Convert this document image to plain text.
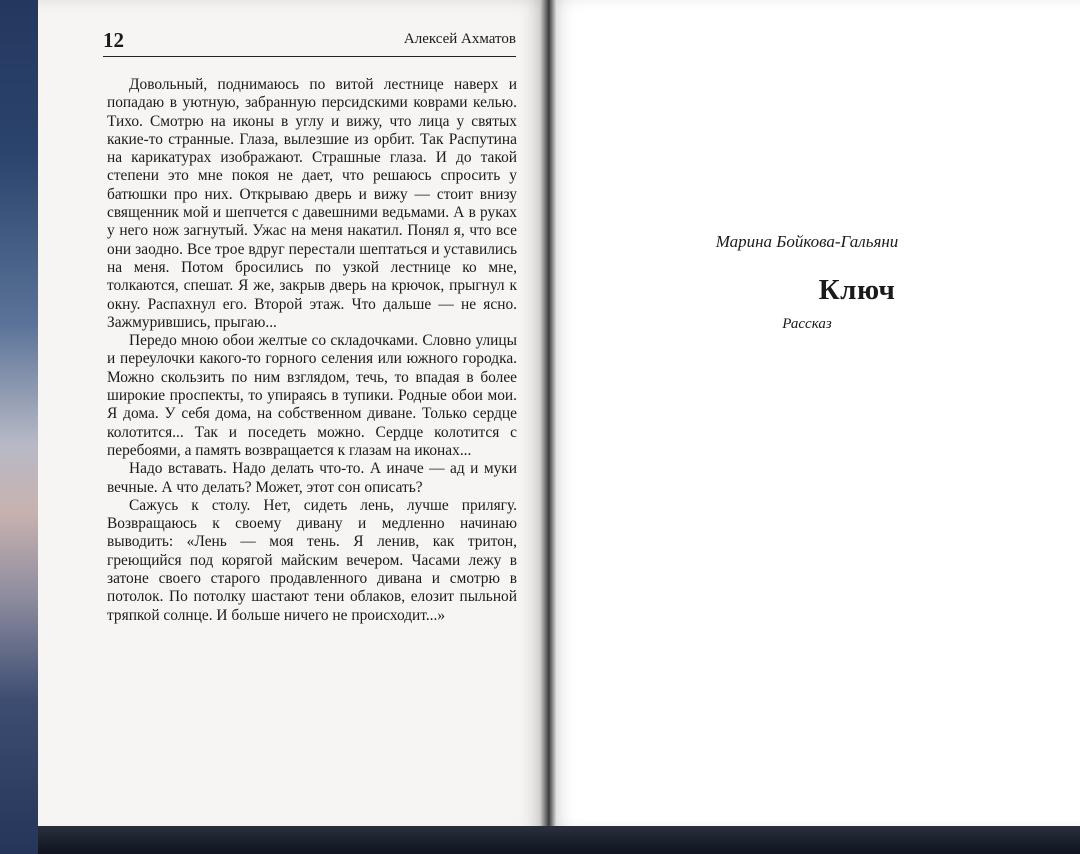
12	Алексей Ахматов

Довольный, поднимаюсь по витой лестнице наверх и попадаю в уютную, забранную персидскими коврами келью. Тихо. Смотрю на иконы в углу и вижу, что лица у святых какие-то странные. Глаза, вылезшие из орбит. Так Распутина на карикатурах изображают. Страшные глаза. И до такой степени это мне покоя не дает, что решаюсь спросить у батюшки про них. Открываю дверь и вижу — стоит внизу священник мой и шепчется с давешними ведьмами. А в руках у него нож загнутый. Ужас на меня накатил. Понял я, что все они заодно. Все трое вдруг перестали шептаться и уставились на меня. Потом бросились по узкой лестнице ко мне, толкаются, спешат. Я же, закрыв дверь на крючок, прыгнул к окну. Распахнул его. Второй этаж. Что дальше — не ясно. Зажмурившись, прыгаю...

Передо мною обои желтые со складочками. Словно улицы и переулочки какого-то горного селения или южного городка. Можно скользить по ним взглядом, течь, то впадая в более широкие проспекты, то упираясь в тупики. Родные обои мои. Я дома. У себя дома, на собственном диване. Только сердце колотится... Так и поседеть можно. Сердце колотится с перебоями, а память возвращается к глазам на иконах...

Надо вставать. Надо делать что-то. А иначе — ад и муки вечные. А что делать? Может, этот сон описать?

Сажусь к столу. Нет, сидеть лень, лучше прилягу. Возвращаюсь к своему дивану и медленно начинаю выводить: «Лень — моя тень. Я ленив, как тритон, греющийся под корягой майским вечером. Часами лежу в затоне своего старого продавленного дивана и смотрю в потолок. По потолку шастают тени облаков, елозит пыльной тряпкой солнце. И больше ничего не происходит...»

Марина Бойкова-Гальяни
Ключ
Рассказ
